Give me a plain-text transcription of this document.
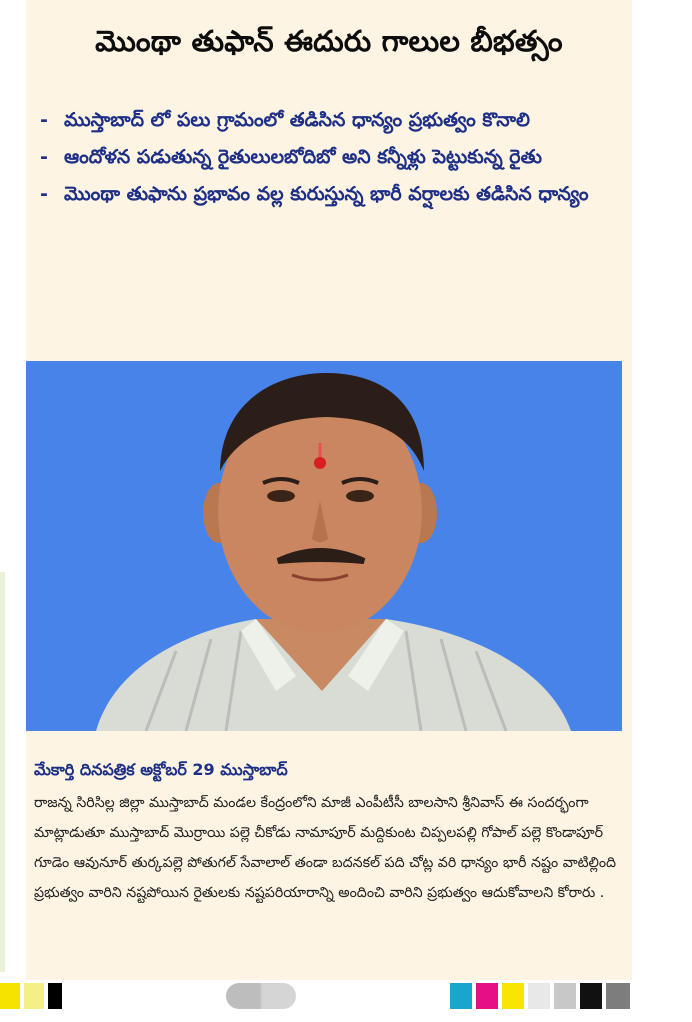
మొంథా తుఫాన్ ఈదురు గాలుల బీభత్సం
- ముస్తాబాద్ లో పలు గ్రామంలో తడిసిన ధాన్యం ప్రభుత్వం కొనాలి
- ఆందోళన పడుతున్న రైతులులబోదిబో అని కన్నీళ్లు పెట్టుకున్న రైతు
- మొంథా తుఫాను ప్రభావం వల్ల కురుస్తున్న భారీ వర్షాలకు తడిసిన ధాన్యం
మేకార్తి దినపత్రిక అక్టోబర్ 29 ముస్తాబాద్

రాజన్న సిరిసిల్ల జిల్లా ముస్తాబాద్ మండల కేంద్రంలోని మాజీ ఎంపీటీసీ బాలసాని శ్రీనివాస్ ఈ సందర్భంగా మాట్లాడుతూ ముస్తాబాద్ మొర్రాయి పల్లె చీకోడు నామాపూర్ మద్దికుంట చిప్పలపల్లి గోపాల్ పల్లె కొండాపూర్ గూడెం ఆవునూర్ తుర్కపల్లె పోతుగల్ సేవాలాల్ తండా బదనకల్ పది చోట్ల వరి ధాన్యం భారీ నష్టం వాటిల్లింది ప్రభుత్వం వారిని నష్టపోయిన రైతులకు నష్టపరియారాన్ని అందించి వారిని ప్రభుత్వం ఆదుకోవాలని కోరారు .
